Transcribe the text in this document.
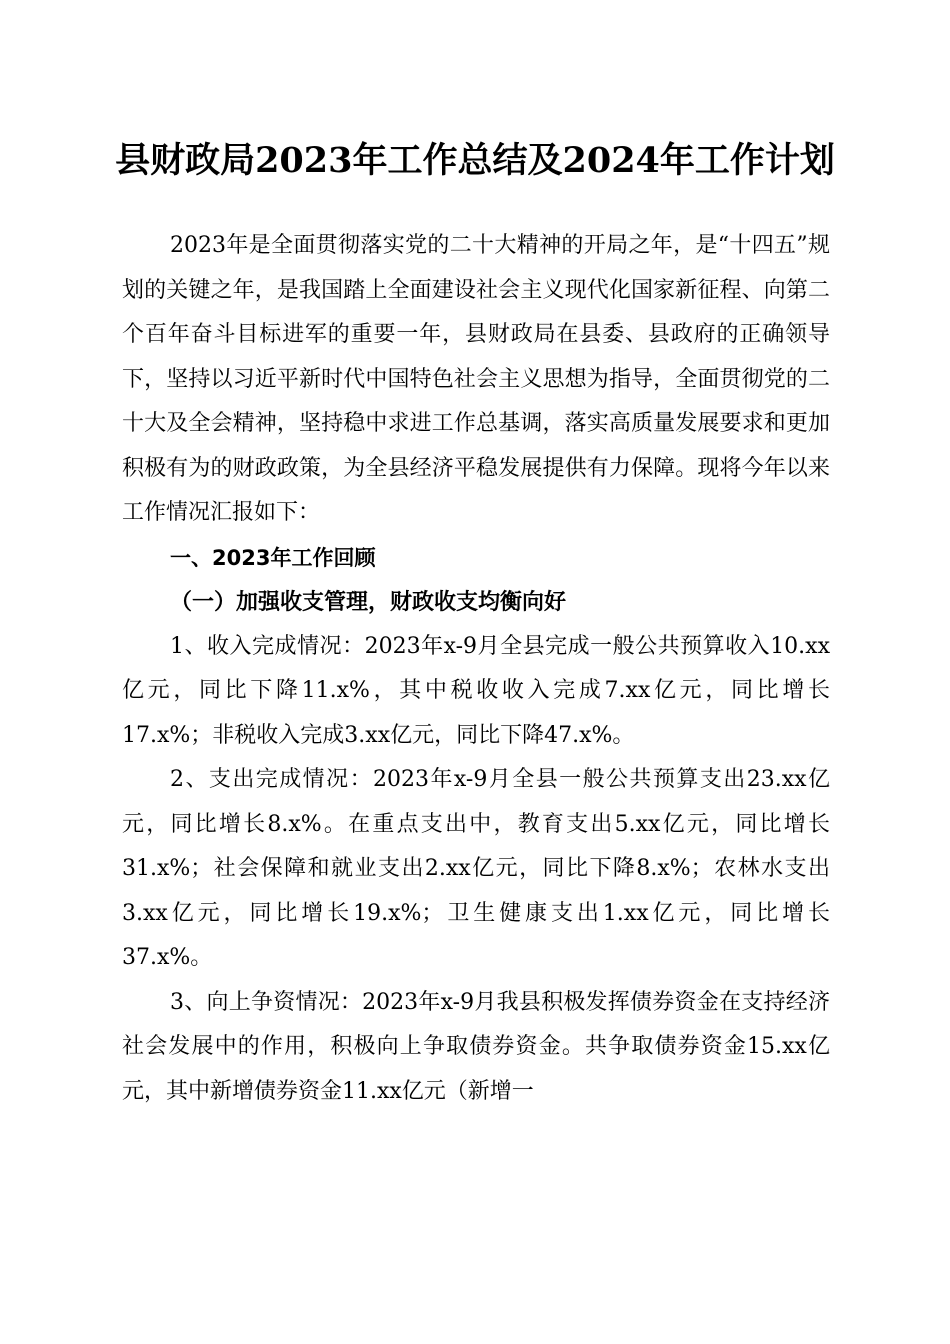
县财政局2023年工作总结及2024年工作计划

2023年是全面贯彻落实党的二十大精神的开局之年，是“十四五”规划的关键之年，是我国踏上全面建设社会主义现代化国家新征程、向第二个百年奋斗目标进军的重要一年，县财政局在县委、县政府的正确领导下，坚持以习近平新时代中国特色社会主义思想为指导，全面贯彻党的二十大及全会精神，坚持稳中求进工作总基调，落实高质量发展要求和更加积极有为的财政政策，为全县经济平稳发展提供有力保障。现将今年以来工作情况汇报如下：

一、2023年工作回顾
（一）加强收支管理，财政收支均衡向好

1、收入完成情况：2023年x-9月全县完成一般公共预算收入10.xx亿元，同比下降11.x%，其中税收收入完成7.xx亿元，同比增长17.x%；非税收入完成3.xx亿元，同比下降47.x%。

2、支出完成情况：2023年x-9月全县一般公共预算支出23.xx亿元，同比增长8.x%。在重点支出中，教育支出5.xx亿元，同比增长31.x%；社会保障和就业支出2.xx亿元，同比下降8.x%；农林水支出3.xx亿元，同比增长19.x%；卫生健康支出1.xx亿元，同比增长37.x%。

3、向上争资情况：2023年x-9月我县积极发挥债券资金在支持经济社会发展中的作用，积极向上争取债券资金。共争取债券资金15.xx亿元，其中新增债券资金11.xx亿元（新增一
